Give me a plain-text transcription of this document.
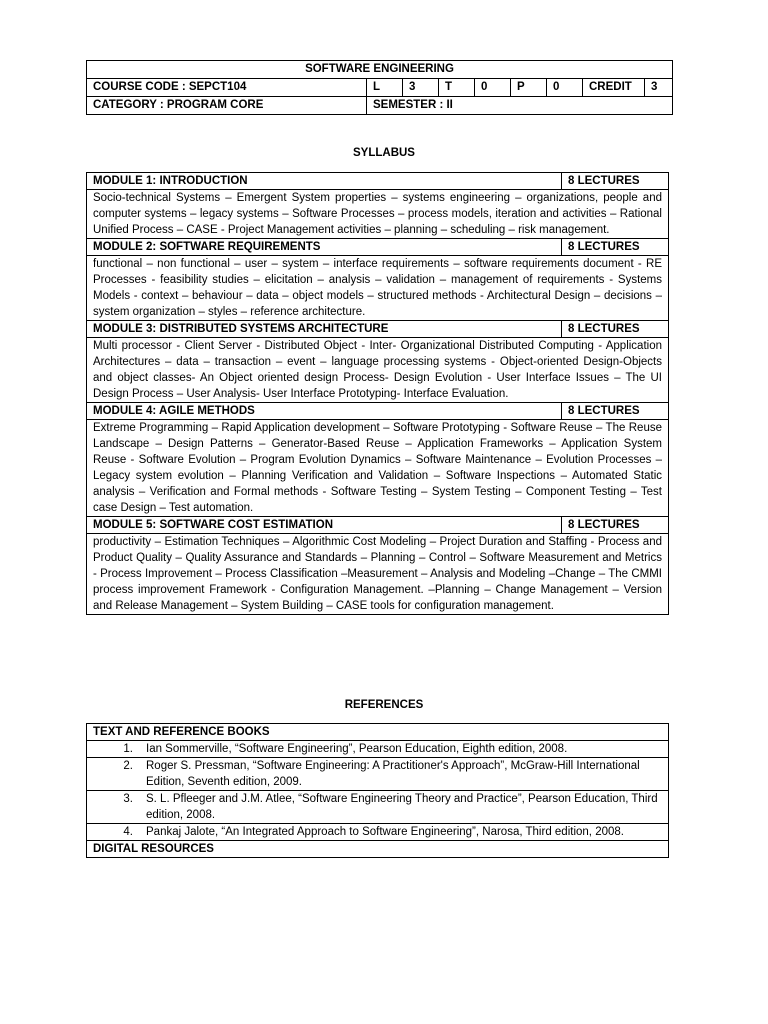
SOFTWARE ENGINEERING								
COURSE CODE : SEPCT104	L	3	T	0	P	0	CREDIT	3
CATEGORY : PROGRAM CORE	SEMESTER : II							
SYLLABUS
MODULE 1: INTRODUCTION	8 LECTURES
Socio-technical Systems – Emergent System properties – systems engineering – organizations, people and computer systems – legacy systems – Software Processes – process models, iteration and activities – Rational Unified Process – CASE - Project Management activities – planning – scheduling – risk management.	
MODULE 2: SOFTWARE REQUIREMENTS	8 LECTURES
functional – non functional – user – system – interface requirements – software requirements document - RE Processes - feasibility studies – elicitation – analysis – validation – management of requirements - Systems Models - context – behaviour – data – object models – structured methods - Architectural Design – decisions – system organization – styles – reference architecture.	
MODULE 3: DISTRIBUTED SYSTEMS ARCHITECTURE	8 LECTURES
Multi processor - Client Server - Distributed Object - Inter- Organizational Distributed Computing - Application Architectures – data – transaction – event – language processing systems - Object-oriented Design-Objects and object classes- An Object oriented design Process- Design Evolution - User Interface Issues – The UI Design Process – User Analysis- User Interface Prototyping- Interface Evaluation.	
MODULE 4: AGILE METHODS	8 LECTURES
Extreme Programming – Rapid Application development – Software Prototyping - Software Reuse – The Reuse Landscape – Design Patterns – Generator-Based Reuse – Application Frameworks – Application System Reuse - Software Evolution – Program Evolution Dynamics – Software Maintenance – Evolution Processes – Legacy system evolution – Planning Verification and Validation – Software Inspections – Automated Static analysis – Verification and Formal methods - Software Testing – System Testing – Component Testing – Test case Design – Test automation.	
MODULE 5: SOFTWARE COST ESTIMATION	8 LECTURES
productivity – Estimation Techniques – Algorithmic Cost Modeling – Project Duration and Staffing - Process and Product Quality – Quality Assurance and Standards – Planning – Control – Software Measurement and Metrics - Process Improvement – Process Classification –Measurement – Analysis and Modeling –Change – The CMMI process improvement Framework - Configuration Management. –Planning – Change Management – Version and Release Management – System Building – CASE tools for configuration management.	
REFERENCES
TEXT AND REFERENCE BOOKS

1.	Ian Sommerville, “Software Engineering”, Pearson Education, Eighth edition, 2008.

2.	Roger S. Pressman, “Software Engineering: A Practitioner's Approach”, McGraw-Hill International Edition, Seventh edition, 2009.

3.	S. L. Pfleeger and J.M. Atlee, “Software Engineering Theory and Practice”, Pearson Education, Third edition, 2008.

4.	Pankaj Jalote, “An Integrated Approach to Software Engineering”, Narosa, Third edition, 2008.

DIGITAL RESOURCES
